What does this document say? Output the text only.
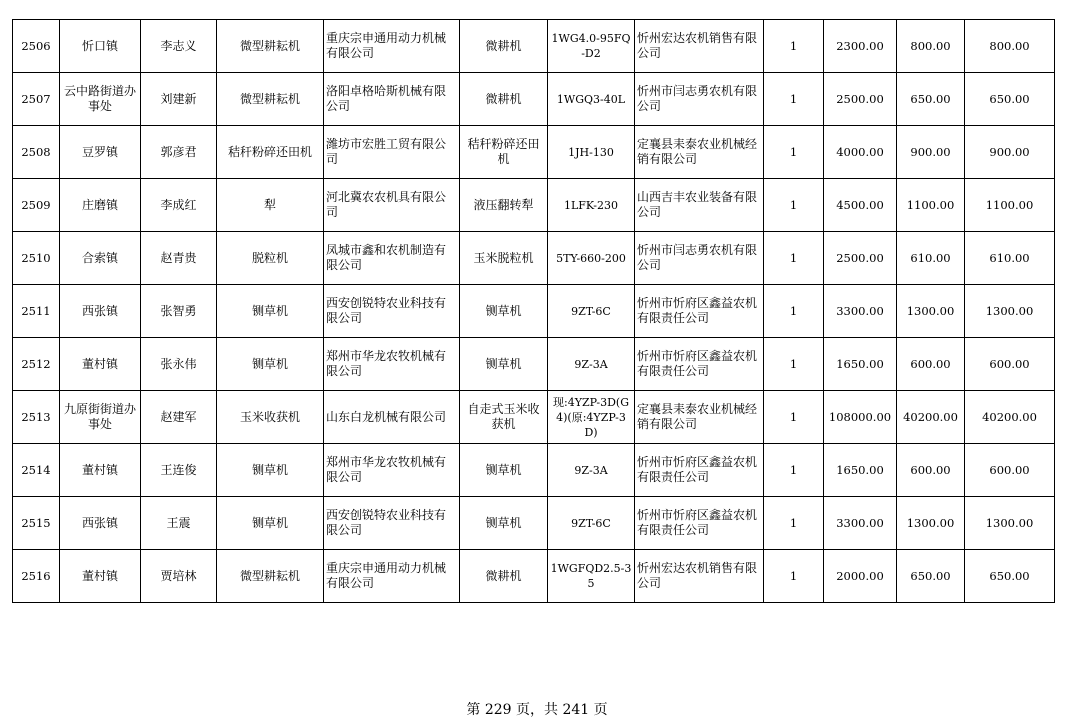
2506	忻口镇	李志义	微型耕耘机	重庆宗申通用动力机械有限公司	微耕机	1WG4.0-95FQ-D2	忻州宏达农机销售有限公司	1	2300.00	800.00	800.00
2507	云中路街道办事处	刘建新	微型耕耘机	洛阳卓格哈斯机械有限公司	微耕机	1WGQ3-40L	忻州市闫志勇农机有限公司	1	2500.00	650.00	650.00
2508	豆罗镇	郭彦君	秸秆粉碎还田机	潍坊市宏胜工贸有限公司	秸秆粉碎还田机	1JH-130	定襄县耒泰农业机械经销有限公司	1	4000.00	900.00	900.00
2509	庄磨镇	李成红	犁	河北冀农农机具有限公司	液压翻转犁	1LFK-230	山西吉丰农业装备有限公司	1	4500.00	1100.00	1100.00
2510	合索镇	赵青贵	脱粒机	凤城市鑫和农机制造有限公司	玉米脱粒机	5TY-660-200	忻州市闫志勇农机有限公司	1	2500.00	610.00	610.00
2511	西张镇	张智勇	铡草机	西安创锐特农业科技有限公司	铡草机	9ZT-6C	忻州市忻府区鑫益农机有限责任公司	1	3300.00	1300.00	1300.00
2512	董村镇	张永伟	铡草机	郑州市华龙农牧机械有限公司	铡草机	9Z-3A	忻州市忻府区鑫益农机有限责任公司	1	1650.00	600.00	600.00
2513	九原街街道办事处	赵建军	玉米收获机	山东白龙机械有限公司	自走式玉米收获机	现:4YZP-3D(G4)(原:4YZP-3D)	定襄县耒泰农业机械经销有限公司	1	108000.00	40200.00	40200.00
2514	董村镇	王连俊	铡草机	郑州市华龙农牧机械有限公司	铡草机	9Z-3A	忻州市忻府区鑫益农机有限责任公司	1	1650.00	600.00	600.00
2515	西张镇	王震	铡草机	西安创锐特农业科技有限公司	铡草机	9ZT-6C	忻州市忻府区鑫益农机有限责任公司	1	3300.00	1300.00	1300.00
2516	董村镇	贾培林	微型耕耘机	重庆宗申通用动力机械有限公司	微耕机	1WGFQD2.5-35	忻州宏达农机销售有限公司	1	2000.00	650.00	650.00
第 229 页，共 241 页
